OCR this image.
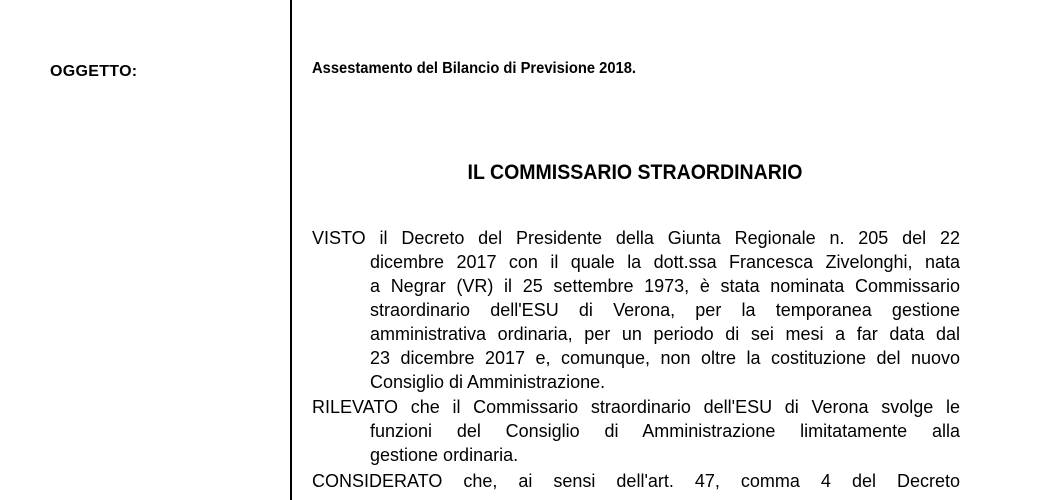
OGGETTO:	Assestamento del Bilancio di Previsione 2018.
IL COMMISSARIO STRAORDINARIO
VISTO il Decreto del Presidente della Giunta Regionale n. 205 del 22
dicembre 2017 con il quale la dott.ssa Francesca Zivelonghi, nata
a Negrar (VR) il 25 settembre 1973, è stata nominata Commissario
straordinario dell'ESU di Verona, per la temporanea gestione
amministrativa ordinaria, per un periodo di sei mesi a far data dal
23 dicembre 2017 e, comunque, non oltre la costituzione del nuovo
Consiglio di Amministrazione.
RILEVATO che il Commissario straordinario dell'ESU di Verona svolge le
funzioni del Consiglio di Amministrazione limitatamente alla
gestione ordinaria.
CONSIDERATO che, ai sensi dell'art. 47, comma 4 del Decreto
